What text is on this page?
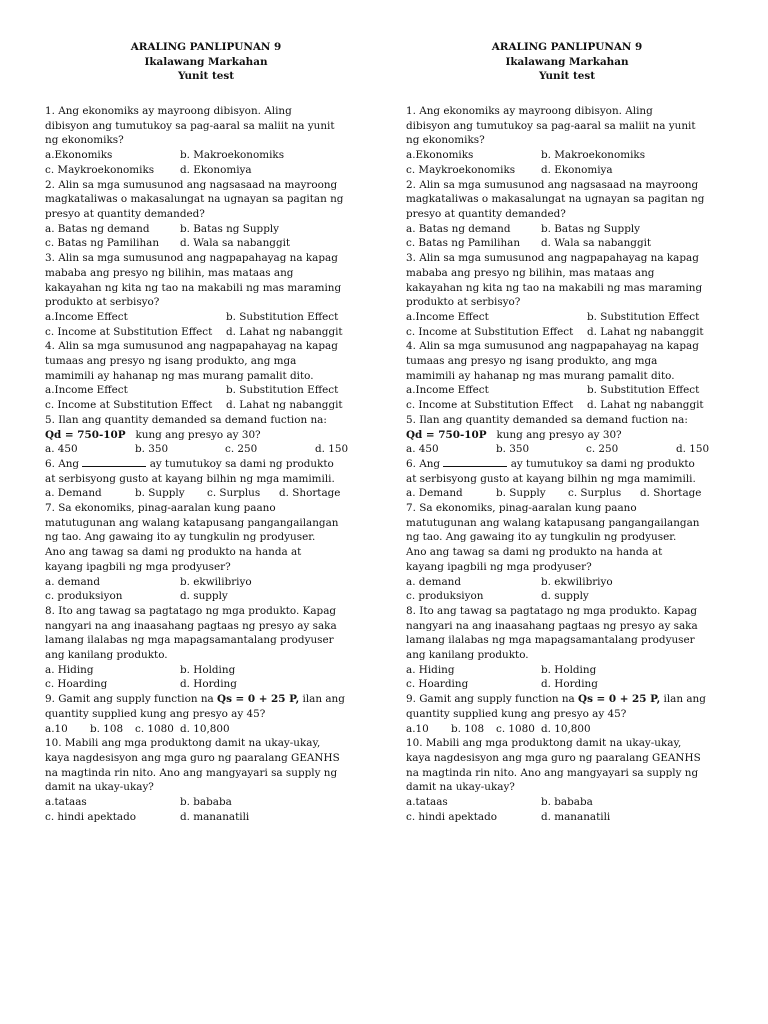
ARALING PANLIPUNAN 9
Ikalawang Markahan
Yunit test
1. Ang ekonomiks ay mayroong dibisyon. Aling
dibisyon ang tumutukoy sa pag-aaral sa maliit na yunit
ng ekonomiks?
a.Ekonomiks	b. Makroekonomiks
c. Maykroekonomiks	d. Ekonomiya
2. Alin sa mga sumusunod ang nagsasaad na mayroong
magkataliwas o makasalungat na ugnayan sa pagitan ng
presyo at quantity demanded?
a. Batas ng demand	b. Batas ng Supply
c. Batas ng Pamilihan	d. Wala sa nabanggit
3. Alin sa mga sumusunod ang nagpapahayag na kapag
mababa ang presyo ng bilihin, mas mataas ang
kakayahan ng kita ng tao na makabili ng mas maraming
produkto at serbisyo?
a.Income Effect	b. Substitution Effect
c. Income at Substitution Effect	d. Lahat ng nabanggit
4. Alin sa mga sumusunod ang nagpapahayag na kapag
tumaas ang presyo ng isang produkto, ang mga
mamimili ay hahanap ng mas murang pamalit dito.
a.Income Effect	b. Substitution Effect
c. Income at Substitution Effect	d. Lahat ng nabanggit
5. Ilan ang quantity demanded sa demand fuction na:
Qd = 750-10P   kung ang presyo ay 30?
a. 450	b. 350	c. 250	d. 150
6. Ang	ay tumutukoy sa dami ng produkto
at serbisyong gusto at kayang bilhin ng mga mamimili.
a. Demand	b. Supply	c. Surplus	d. Shortage
7. Sa ekonomiks, pinag-aaralan kung paano
matutugunan ang walang katapusang pangangailangan
ng tao. Ang gawaing ito ay tungkulin ng prodyuser.
Ano ang tawag sa dami ng produkto na handa at
kayang ipagbili ng mga prodyuser?
a. demand	b. ekwilibriyo
c. produksiyon	d. supply
8. Ito ang tawag sa pagtatago ng mga produkto. Kapag
nangyari na ang inaasahang pagtaas ng presyo ay saka
lamang ilalabas ng mga mapagsamantalang prodyuser
ang kanilang produkto.
a. Hiding	b. Holding
c. Hoarding	d. Hording
9. Gamit ang supply function na Qs = 0 + 25 P, ilan ang
quantity supplied kung ang presyo ay 45?
a.10	b. 108	c. 1080 d. 10,800
10. Mabili ang mga produktong damit na ukay-ukay,
kaya nagdesisyon ang mga guro ng paaralang GEANHS
na magtinda rin nito. Ano ang mangyayari sa supply ng
damit na ukay-ukay?
a.tataas	b. bababa
c. hindi apektado	d. mananatili
ARALING PANLIPUNAN 9
Ikalawang Markahan
Yunit test
1. Ang ekonomiks ay mayroong dibisyon. Aling
dibisyon ang tumutukoy sa pag-aaral sa maliit na yunit
ng ekonomiks?
a.Ekonomiks	b. Makroekonomiks
c. Maykroekonomiks	d. Ekonomiya
2. Alin sa mga sumusunod ang nagsasaad na mayroong
magkataliwas o makasalungat na ugnayan sa pagitan ng
presyo at quantity demanded?
a. Batas ng demand	b. Batas ng Supply
c. Batas ng Pamilihan	d. Wala sa nabanggit
3. Alin sa mga sumusunod ang nagpapahayag na kapag
mababa ang presyo ng bilihin, mas mataas ang
kakayahan ng kita ng tao na makabili ng mas maraming
produkto at serbisyo?
a.Income Effect	b. Substitution Effect
c. Income at Substitution Effect	d. Lahat ng nabanggit
4. Alin sa mga sumusunod ang nagpapahayag na kapag
tumaas ang presyo ng isang produkto, ang mga
mamimili ay hahanap ng mas murang pamalit dito.
a.Income Effect	b. Substitution Effect
c. Income at Substitution Effect	d. Lahat ng nabanggit
5. Ilan ang quantity demanded sa demand fuction na:
Qd = 750-10P   kung ang presyo ay 30?
a. 450	b. 350	c. 250	d. 150
6. Ang	ay tumutukoy sa dami ng produkto
at serbisyong gusto at kayang bilhin ng mga mamimili.
a. Demand	b. Supply	c. Surplus	d. Shortage
7. Sa ekonomiks, pinag-aaralan kung paano
matutugunan ang walang katapusang pangangailangan
ng tao. Ang gawaing ito ay tungkulin ng prodyuser.
Ano ang tawag sa dami ng produkto na handa at
kayang ipagbili ng mga prodyuser?
a. demand	b. ekwilibriyo
c. produksiyon	d. supply
8. Ito ang tawag sa pagtatago ng mga produkto. Kapag
nangyari na ang inaasahang pagtaas ng presyo ay saka
lamang ilalabas ng mga mapagsamantalang prodyuser
ang kanilang produkto.
a. Hiding	b. Holding
c. Hoarding	d. Hording
9. Gamit ang supply function na Qs = 0 + 25 P, ilan ang
quantity supplied kung ang presyo ay 45?
a.10	b. 108	c. 1080 d. 10,800
10. Mabili ang mga produktong damit na ukay-ukay,
kaya nagdesisyon ang mga guro ng paaralang GEANHS
na magtinda rin nito. Ano ang mangyayari sa supply ng
damit na ukay-ukay?
a.tataas	b. bababa
c. hindi apektado	d. mananatili
